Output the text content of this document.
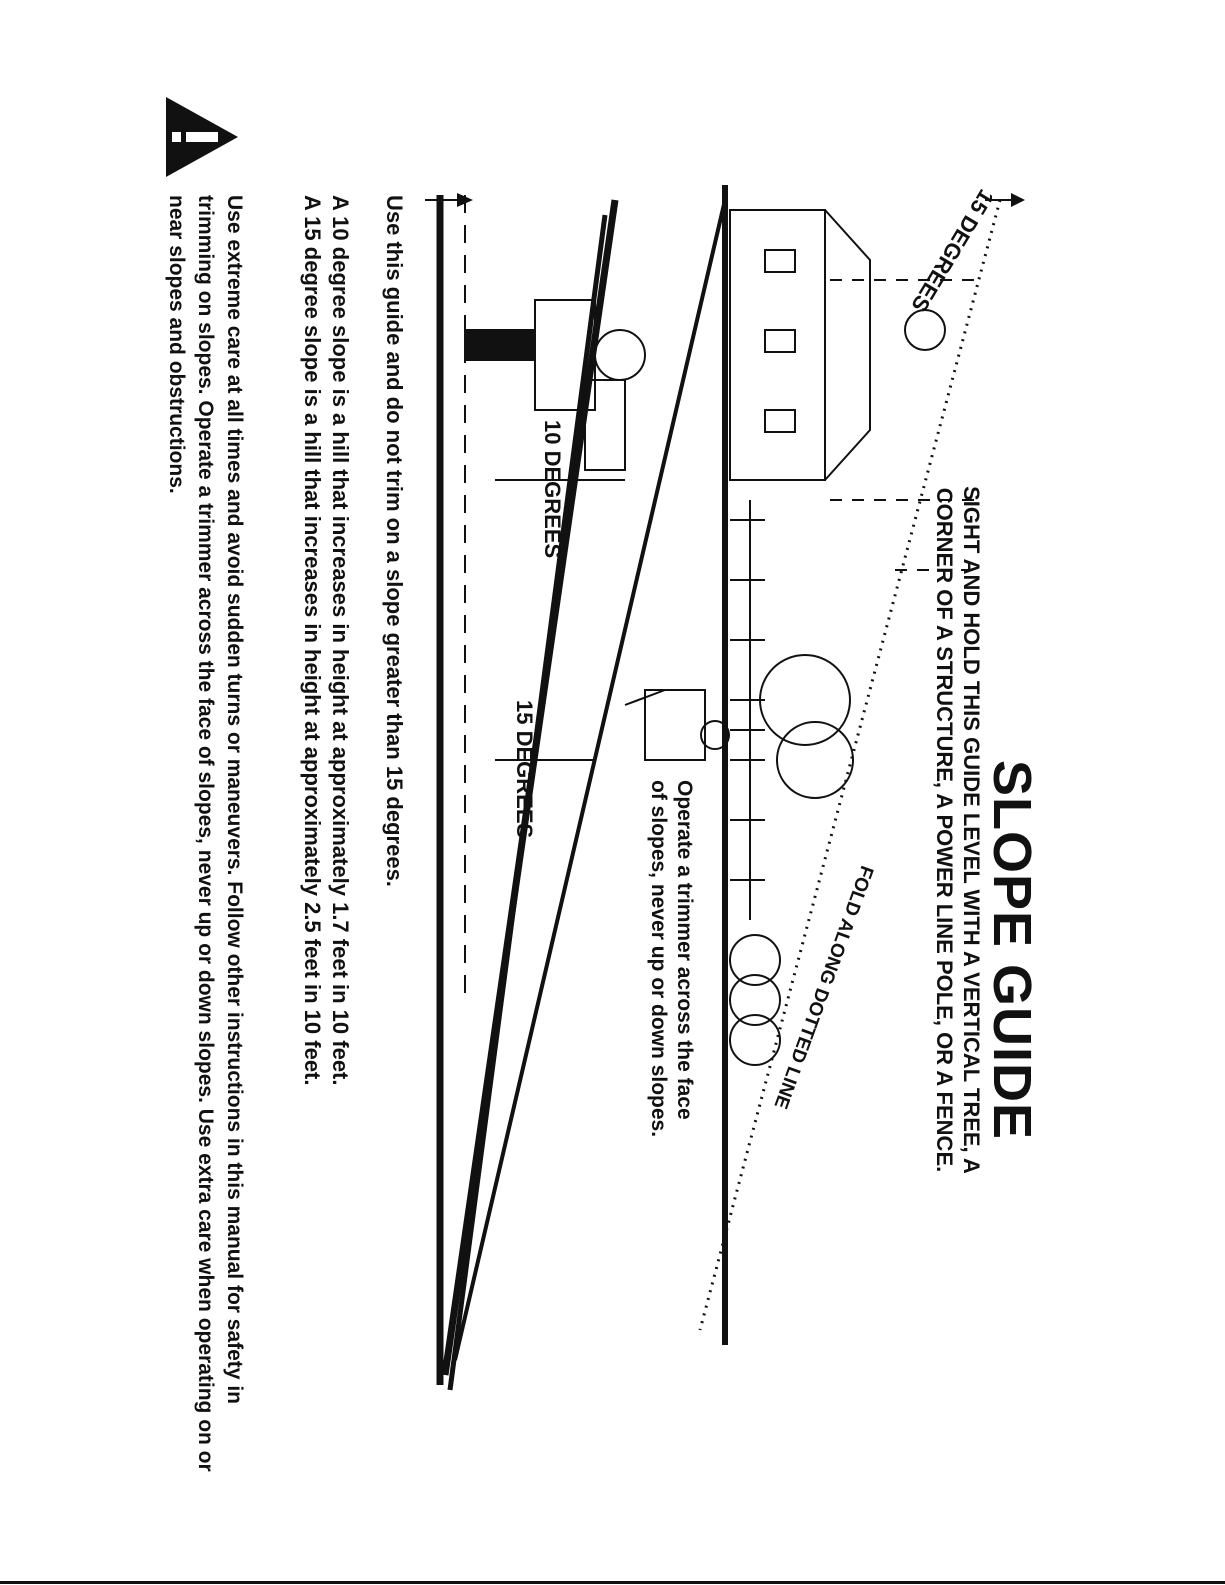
SLOPE GUIDE
SIGHT AND HOLD THIS GUIDE LEVEL WITH A VERTICAL TREE, A CORNER OF A STRUCTURE, A POWER LINE POLE, OR A FENCE.
FOLD ALONG DOTTED LINE
15 DEGREES
Operate a trimmer across the face of slopes, never up or down slopes.
10 DEGREES
15 DEGREES
Use this guide and do not trim on a slope greater than 15 degrees.
A 10 degree slope is a hill that increases in height at approximately 1.7 feet in 10 feet.
A 15 degree slope is a hill that increases in height at approximately 2.5 feet in 10 feet.
Use extreme care at all times and avoid sudden turns or maneuvers. Follow other instructions in this manual for safety in trimming on slopes. Operate a trimmer across the face of slopes, never up or down slopes. Use extra care when operating on or near slopes and obstructions.
